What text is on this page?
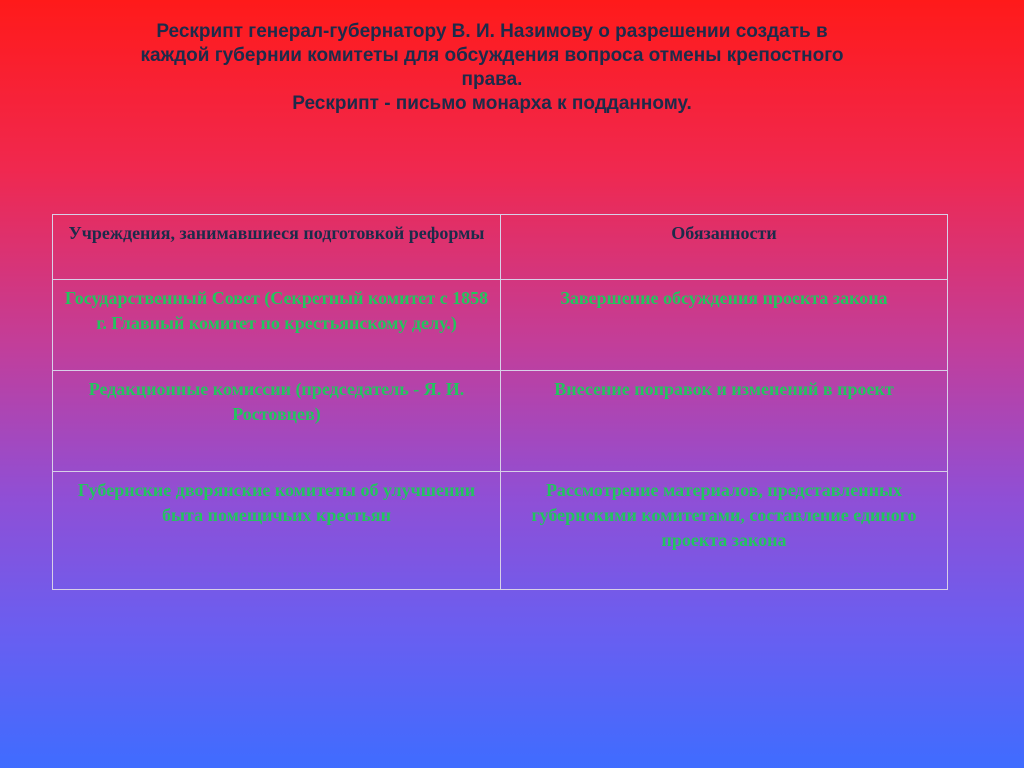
Рескрипт генерал-губернатору В. И. Назимову о разрешении создать в
каждой губернии комитеты для обсуждения вопроса отмены крепостного
права.
Рескрипт - письмо монарха к подданному.
Учреждения, занимавшиеся подготовкой реформы	Обязанности
Государственный Совет (Секретный комитет с 1858 г. Главный комитет по крестьянскому делу.)	Завершение обсуждения проекта закона
Редакционные комиссии (председатель - Я. И. Ростовцев)	Внесение поправок и изменений в проект
Губернские дворянские комитеты об улучшении быта помещичьих крестьян	Рассмотрение материалов, представленных губернскими комитетами, составление единого проекта закона
